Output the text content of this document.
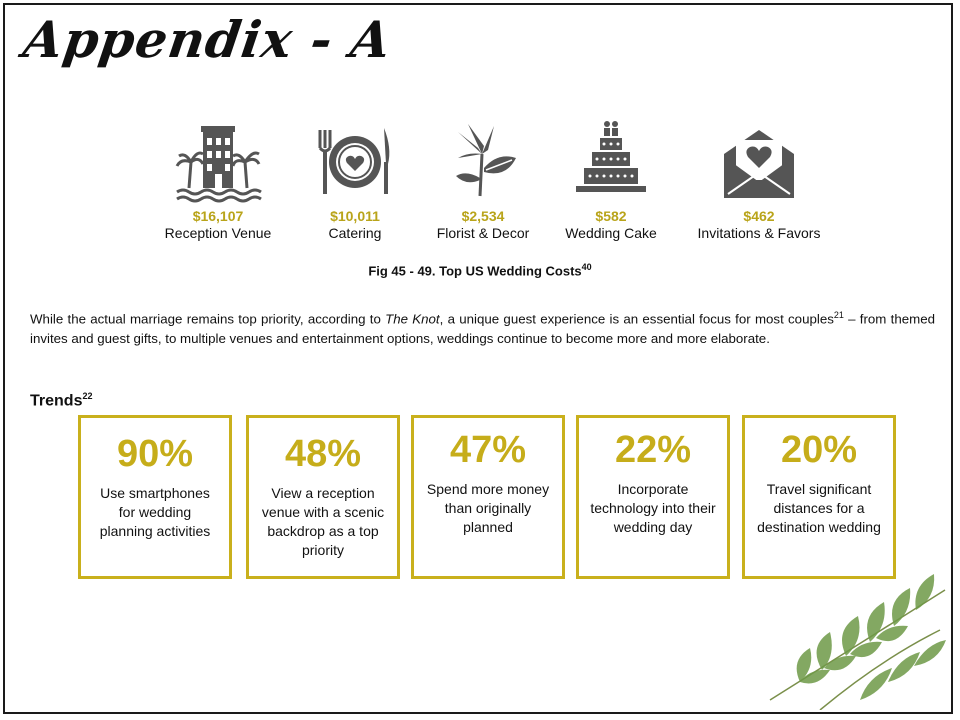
Appendix - A
$16,107
Reception Venue
$10,011
Catering
$2,534
Florist & Decor
$582
Wedding Cake
$462
Invitations & Favors
Fig 45 - 49. Top US Wedding Costs$^{40}$
While the actual marriage remains top priority, according to The Knot, a unique guest experience is an essential focus for most couples$^{21}$ – from themed invites and guest gifts, to multiple venues and entertainment options, weddings continue to become more and more elaborate.
Trends$^{22}$
90%
Use smartphones for wedding planning activities
48%
View a reception venue with a scenic backdrop as a top priority
47%
Spend more money than originally planned
22%
Incorporate technology into their wedding day
20%
Travel significant distances for a destination wedding
